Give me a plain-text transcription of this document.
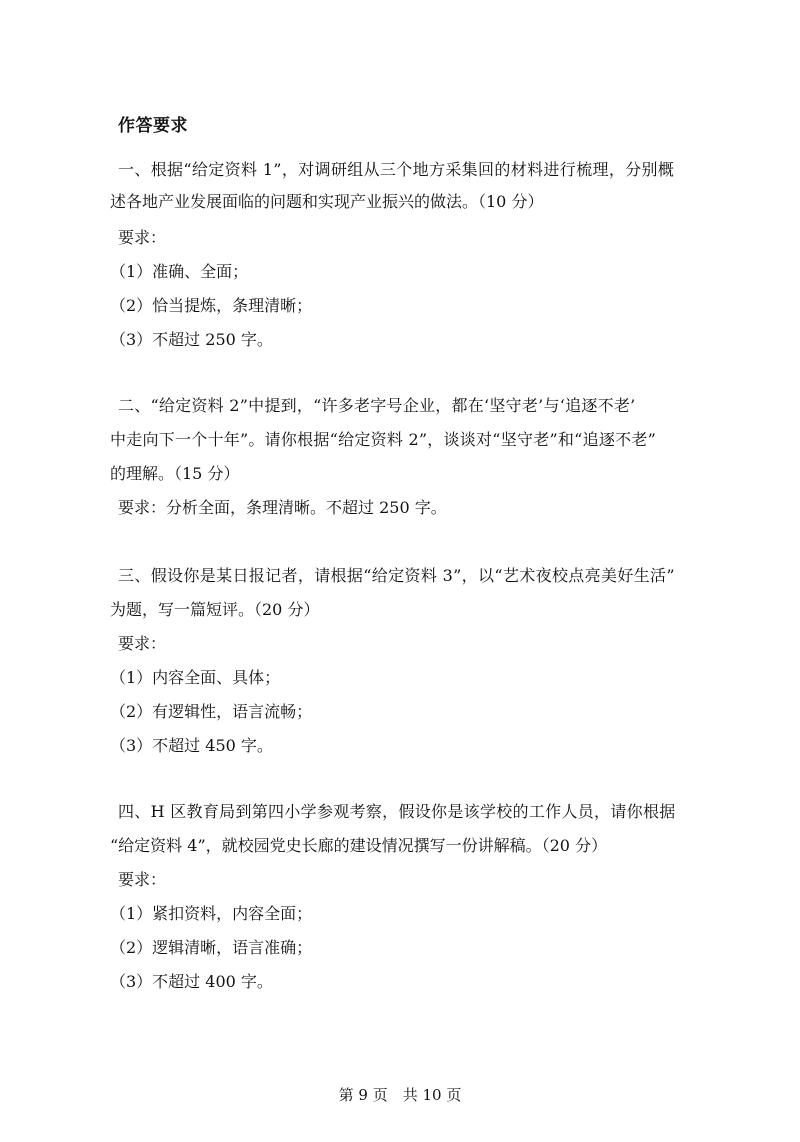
作答要求
一、根据“给定资料 1”，对调研组从三个地方采集回的材料进行梳理，分别概
述各地产业发展面临的问题和实现产业振兴的做法。（10 分）
要求：
（1）准确、全面；
（2）恰当提炼，条理清晰；
（3）不超过 250 字。
二、“给定资料 2”中提到，“许多老字号企业，都在‘坚守老’与‘追逐不老’
中走向下一个十年”。请你根据“给定资料 2”，谈谈对“坚守老”和“追逐不老”
的理解。（15 分）
要求：分析全面，条理清晰。不超过 250 字。
三、假设你是某日报记者，请根据“给定资料 3”，以“艺术夜校点亮美好生活”
为题，写一篇短评。（20 分）
要求：
（1）内容全面、具体；
（2）有逻辑性，语言流畅；
（3）不超过 450 字。
四、H 区教育局到第四小学参观考察，假设你是该学校的工作人员，请你根据
“给定资料 4”，就校园党史长廊的建设情况撰写一份讲解稿。（20 分）
要求：
（1）紧扣资料，内容全面；
（2）逻辑清晰，语言准确；
（3）不超过 400 字。
第 9 页　共 10 页
